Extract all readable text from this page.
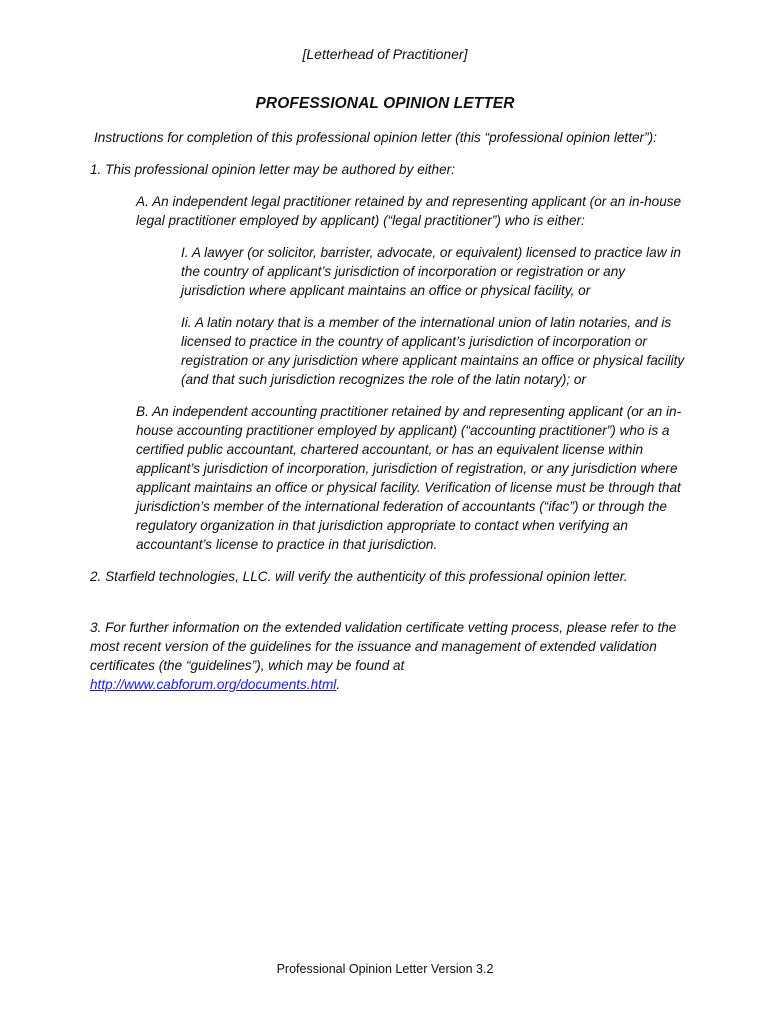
[Letterhead of Practitioner]
PROFESSIONAL OPINION LETTER

Instructions for completion of this professional opinion letter (this “professional opinion letter”):

1. This professional opinion letter may be authored by either:

A. An independent legal practitioner retained by and representing applicant (or an in-house legal practitioner employed by applicant) (“legal practitioner”) who is either:

I. A lawyer (or solicitor, barrister, advocate, or equivalent) licensed to practice law in the country of applicant’s jurisdiction of incorporation or registration or any jurisdiction where applicant maintains an office or physical facility, or

Ii. A latin notary that is a member of the international union of latin notaries, and is licensed to practice in the country of applicant’s jurisdiction of incorporation or registration or any jurisdiction where applicant maintains an office or physical facility (and that such jurisdiction recognizes the role of the latin notary); or

B. An independent accounting practitioner retained by and representing applicant (or an in-house accounting practitioner employed by applicant) (“accounting practitioner”) who is a certified public accountant, chartered accountant, or has an equivalent license within applicant’s jurisdiction of incorporation, jurisdiction of registration, or any jurisdiction where applicant maintains an office or physical facility. Verification of license must be through that jurisdiction’s member of the international federation of accountants (“ifac”) or through the regulatory organization in that jurisdiction appropriate to contact when verifying an accountant’s license to practice in that jurisdiction.

2. Starfield technologies, LLC. will verify the authenticity of this professional opinion letter.

3. For further information on the extended validation certificate vetting process, please refer to the most recent version of the guidelines for the issuance and management of extended validation certificates (the “guidelines”), which may be found at
http://www.cabforum.org/documents.html.

Professional Opinion Letter Version 3.2
